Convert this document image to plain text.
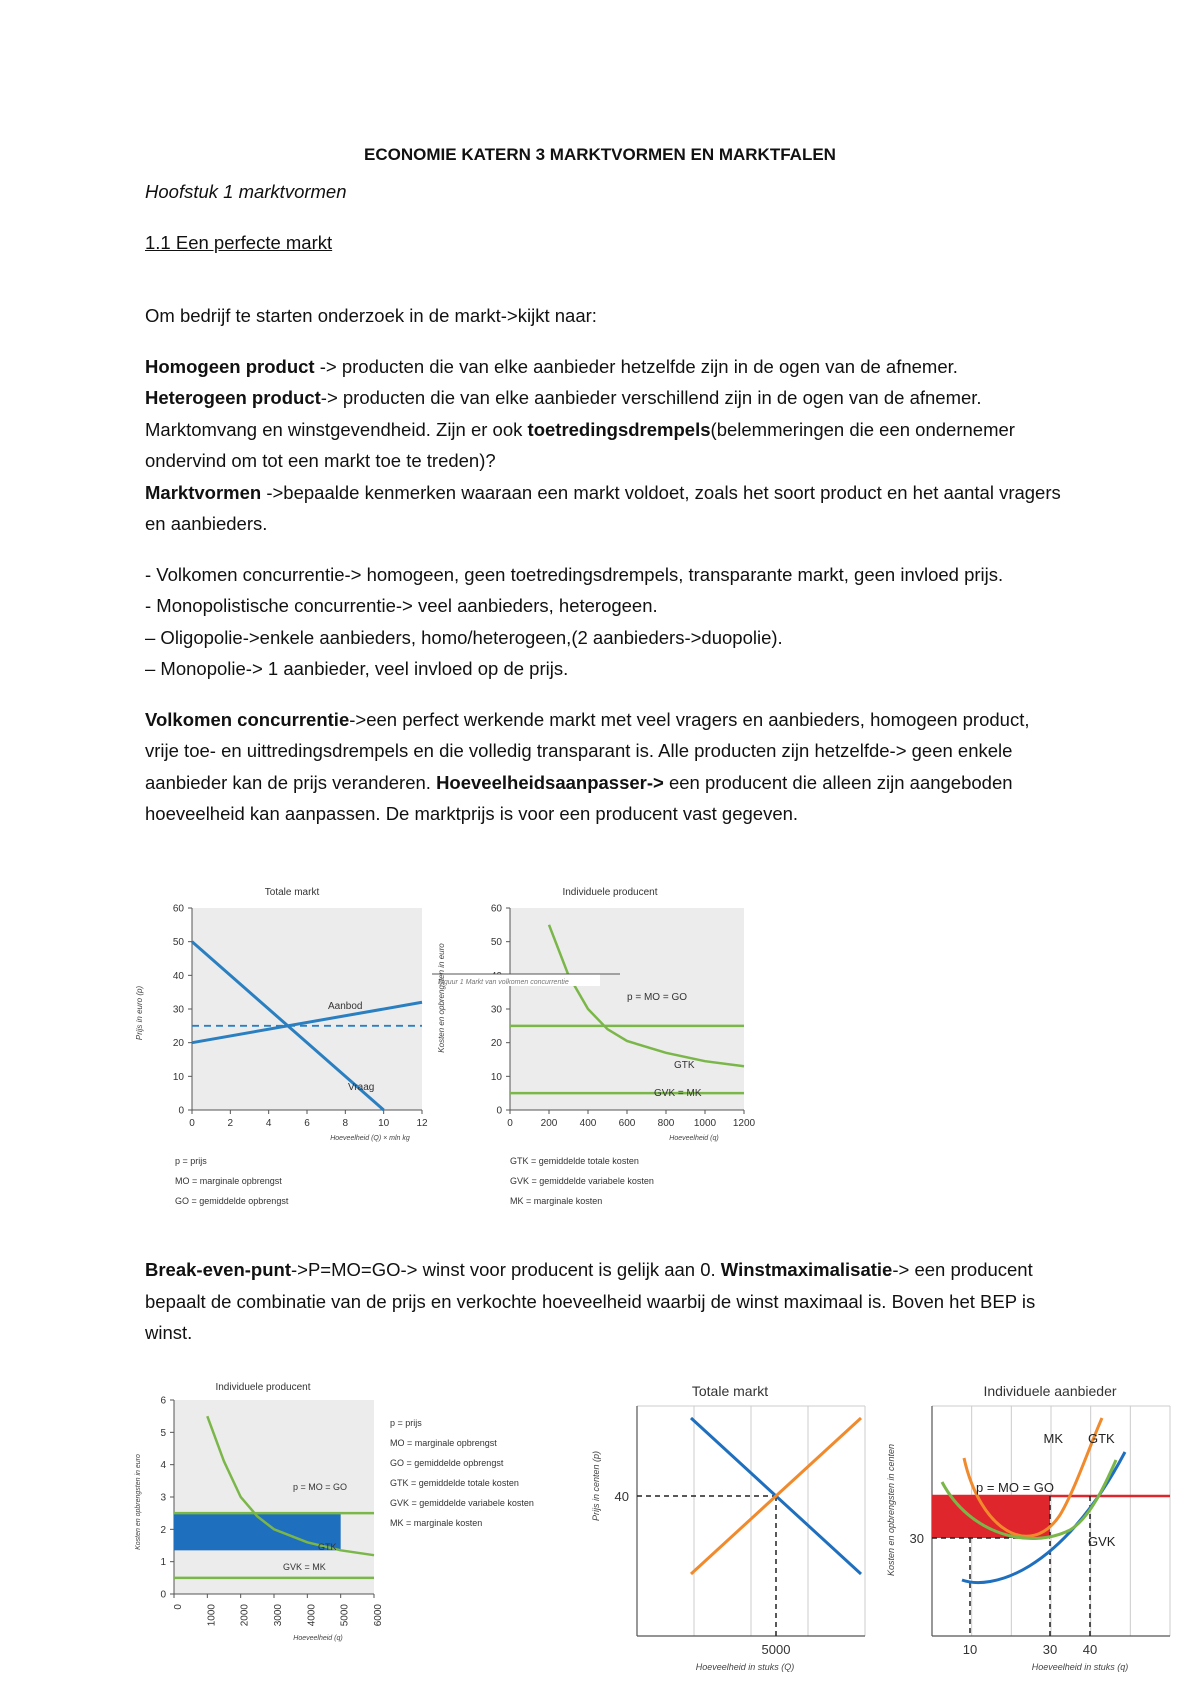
ECONOMIE KATERN 3 MARKTVORMEN EN MARKTFALEN
Hoofstuk 1 marktvormen
1.1 Een perfecte markt

Om bedrijf te starten onderzoek in de markt->kijkt naar:

Homogeen product -> producten die van elke aanbieder hetzelfde zijn in de ogen van de afnemer.
Heterogeen product-> producten die van elke aanbieder verschillend zijn in de ogen van de afnemer.
Marktomvang en winstgevendheid. Zijn er ook toetredingsdrempels(belemmeringen die een ondernemer ondervind om tot een markt toe te treden)?
Marktvormen ->bepaalde kenmerken waaraan een markt voldoet, zoals het soort product en het aantal vragers en aanbieders.

- Volkomen concurrentie-> homogeen, geen toetredingsdrempels, transparante markt, geen invloed prijs.

- Monopolistische concurrentie-> veel aanbieders, heterogeen.

– Oligopolie->enkele aanbieders, homo/heterogeen,(2 aanbieders->duopolie).

– Monopolie-> 1 aanbieder, veel invloed op de prijs.

Volkomen concurrentie->een perfect werkende markt met veel vragers en aanbieders, homogeen product, vrije toe- en uittredingsdrempels en die volledig transparant is. Alle producten zijn hetzelfde-> geen enkele aanbieder kan de prijs veranderen. Hoeveelheidsaanpasser-> een producent die alleen zijn aangeboden hoeveelheid kan aanpassen. De marktprijs is voor een producent vast gegeven.

Break-even-punt->P=MO=GO-> winst voor producent is gelijk aan 0. Winstmaximalisatie-> een producent bepaalt de combinatie van de prijs en verkochte hoeveelheid waarbij de winst maximaal is. Boven het BEP is winst.

Totale markt
0
10
20
30
40
50
60
0	2	4	6	8	10	12
Aanbod
Vraag
Prijs in euro (p)
Hoeveelheid (Q) × mln kg
p = prijs
MO = marginale opbrengst
GO = gemiddelde opbrengst
Individuele producent
0
10
20
30
50
60
0	200 400 600 800 1000 1200
Figuur 1 Markt van volkomen concurrentie
p = MO = GO
GTK
GVK = MK
Kosten en opbrengsten in euro
Hoeveelheid (q)
GTK = gemiddelde totale kosten
GVK = gemiddelde variabele kosten
MK = marginale kosten
Individuele producent
0
1
2
3
4
5
6
0 1000 2000 3000 4000 5000 6000
p = MO = GO
GTK
GVK = MK
Kosten en opbrengsten in euro
Hoeveelheid (q)
p = prijs
MO = marginale opbrengst
GO = gemiddelde opbrengst
GTK = gemiddelde totale kosten
GVK = gemiddelde variabele kosten
MK = marginale kosten
Totale markt
40
5000
Prijs in centen (p)
Hoeveelheid in stuks (Q)
Individuele aanbieder
p = MO = GO
MK GTK
GVK
30
10	30 40
Kosten en opbrengsten in centen
Hoeveelheid in stuks (q)
